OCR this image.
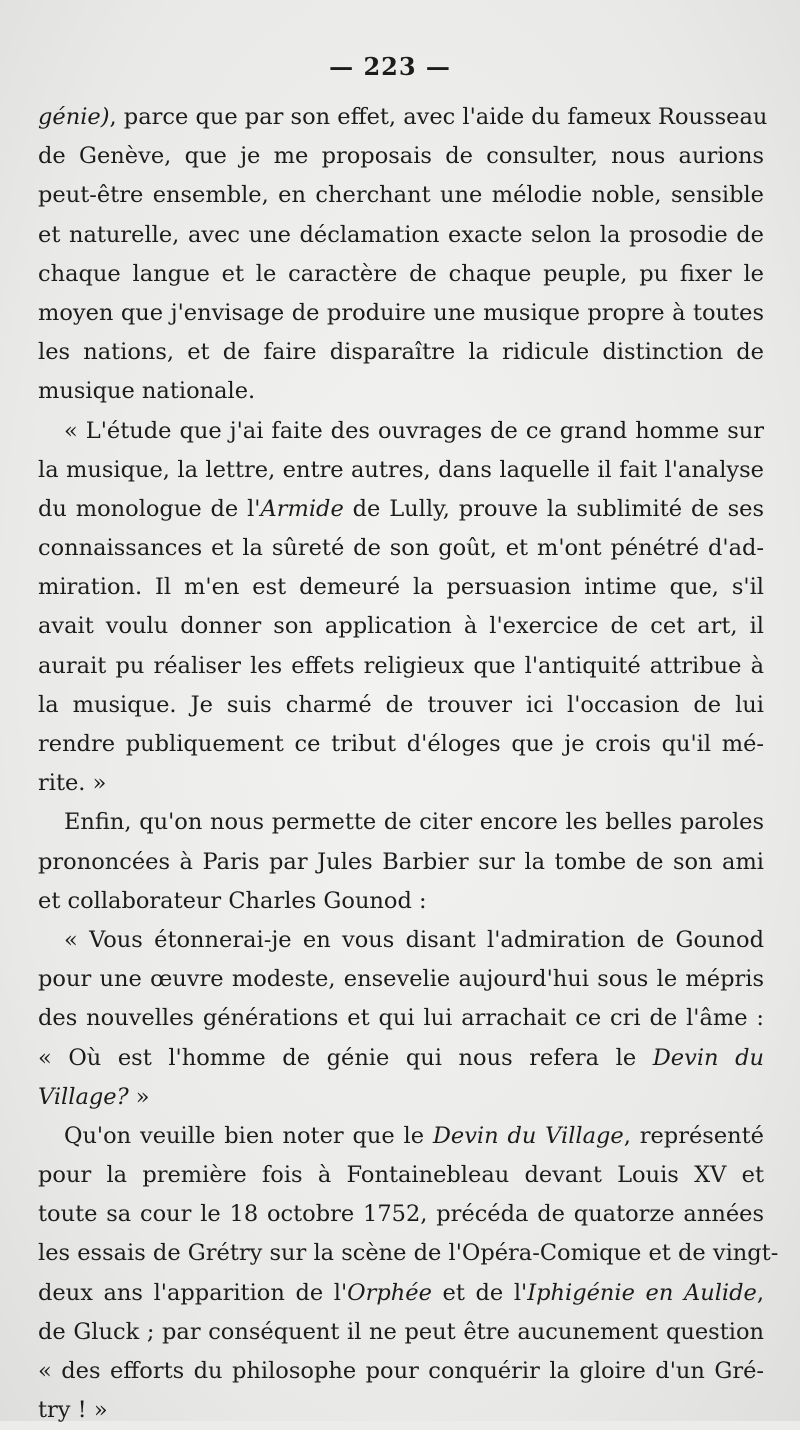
— 223 —
génie), parce que par son effet, avec l'aide du fameux Rousseau
de Genève, que je me proposais de consulter, nous aurions
peut-être ensemble, en cherchant une mélodie noble, sensible
et naturelle, avec une déclamation exacte selon la prosodie de
chaque langue et le caractère de chaque peuple, pu fixer le
moyen que j'envisage de produire une musique propre à toutes
les nations, et de faire disparaître la ridicule distinction de
musique nationale.
« L'étude que j'ai faite des ouvrages de ce grand homme sur
la musique, la lettre, entre autres, dans laquelle il fait l'analyse
du monologue de l'Armide de Lully, prouve la sublimité de ses
connaissances et la sûreté de son goût, et m'ont pénétré d'ad-
miration. Il m'en est demeuré la persuasion intime que, s'il
avait voulu donner son application à l'exercice de cet art, il
aurait pu réaliser les effets religieux que l'antiquité attribue à
la musique. Je suis charmé de trouver ici l'occasion de lui
rendre publiquement ce tribut d'éloges que je crois qu'il mé-
rite. »
Enfin, qu'on nous permette de citer encore les belles paroles
prononcées à Paris par Jules Barbier sur la tombe de son ami
et collaborateur Charles Gounod :
« Vous étonnerai-je en vous disant l'admiration de Gounod
pour une œuvre modeste, ensevelie aujourd'hui sous le mépris
des nouvelles générations et qui lui arrachait ce cri de l'âme :
« Où est l'homme de génie qui nous refera le Devin du
Village? »
Qu'on veuille bien noter que le Devin du Village, représenté
pour la première fois à Fontainebleau devant Louis XV et
toute sa cour le 18 octobre 1752, précéda de quatorze années
les essais de Grétry sur la scène de l'Opéra-Comique et de vingt-
deux ans l'apparition de l'Orphée et de l'Iphigénie en Aulide,
de Gluck ; par conséquent il ne peut être aucunement question
« des efforts du philosophe pour conquérir la gloire d'un Gré-
try ! »
